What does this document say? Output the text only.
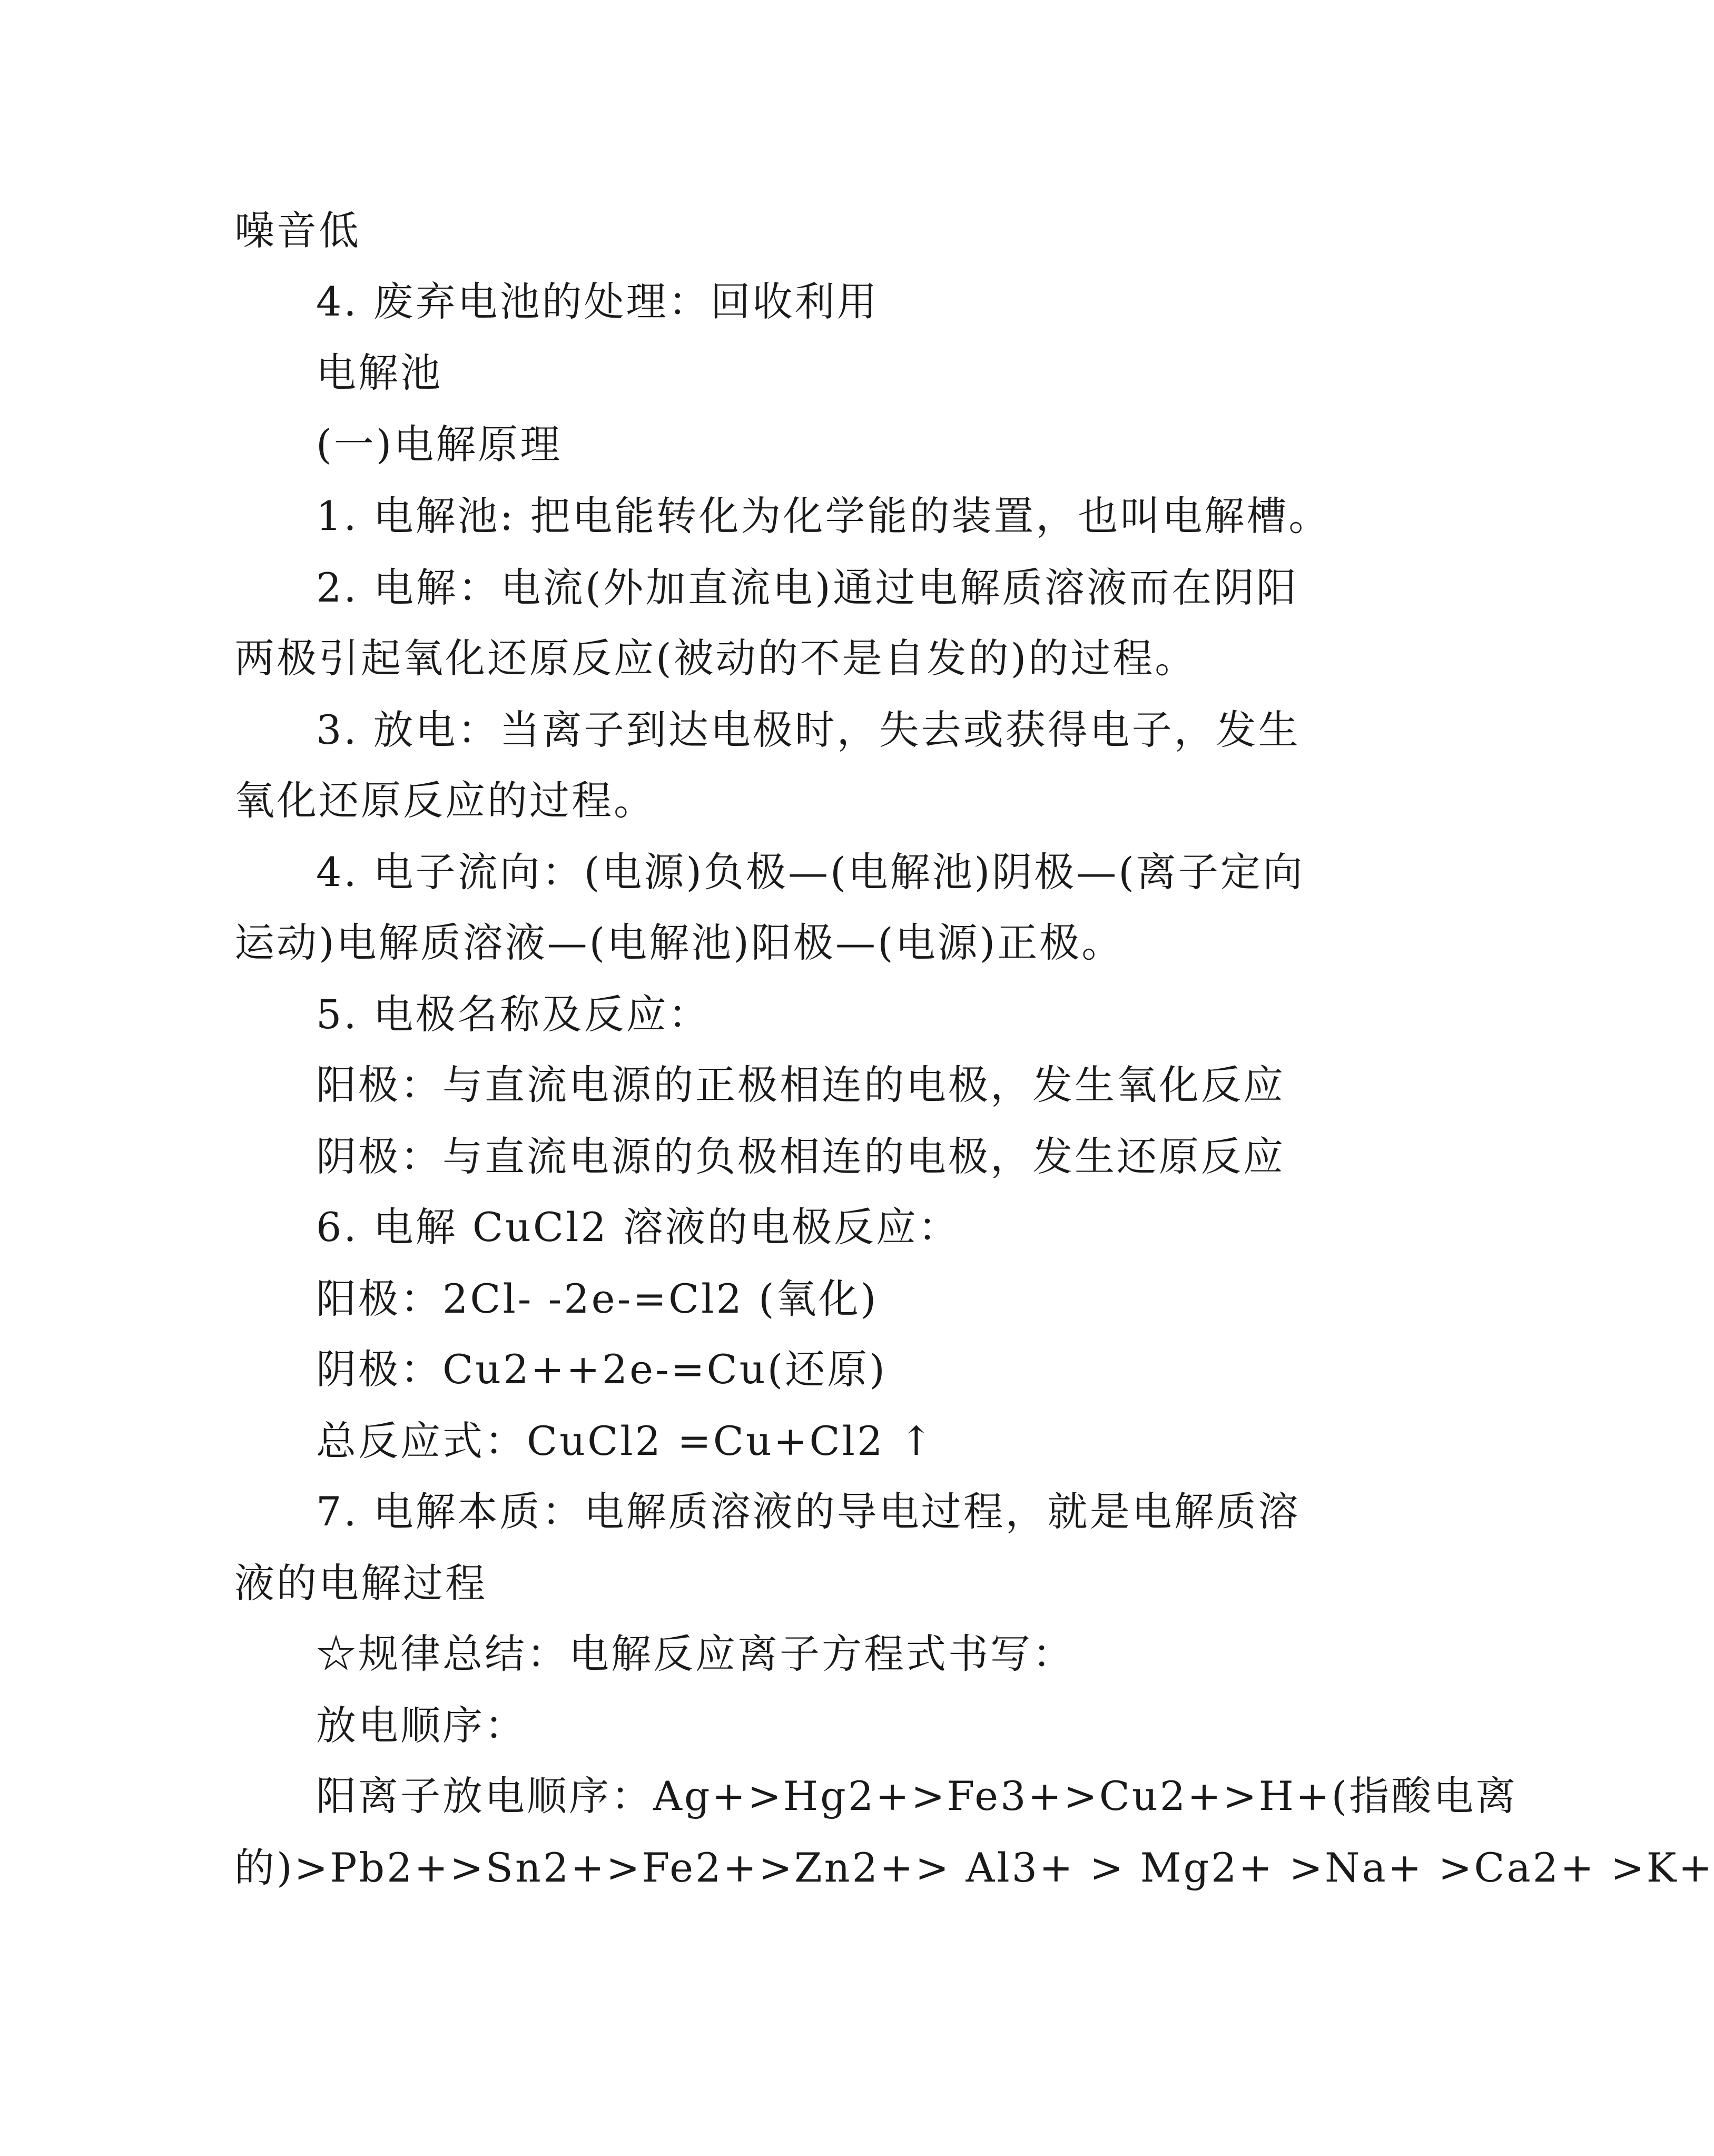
噪音低
4. 废弃电池的处理：回收利用
电解池
(一)电解原理
1. 电解池: 把电能转化为化学能的装置，也叫电解槽。
2. 电解：电流(外加直流电)通过电解质溶液而在阴阳
两极引起氧化还原反应(被动的不是自发的)的过程。
3. 放电：当离子到达电极时，失去或获得电子，发生
氧化还原反应的过程。
4. 电子流向：(电源)负极—(电解池)阴极—(离子定向
运动)电解质溶液—(电解池)阳极—(电源)正极。
5. 电极名称及反应：
阳极：与直流电源的正极相连的电极，发生氧化反应
阴极：与直流电源的负极相连的电极，发生还原反应
6. 电解 CuCl2 溶液的电极反应：
阳极：2Cl- -2e-=Cl2 (氧化)
阴极：Cu2++2e-=Cu(还原)
总反应式：CuCl2 =Cu+Cl2 ↑
7. 电解本质：电解质溶液的导电过程，就是电解质溶
液的电解过程
☆规律总结：电解反应离子方程式书写：
放电顺序：
阳离子放电顺序：Ag+>Hg2+>Fe3+>Cu2+>H+(指酸电离
的)>Pb2+>Sn2+>Fe2+>Zn2+> Al3+ > Mg2+ >Na+ >Ca2+ >K+
